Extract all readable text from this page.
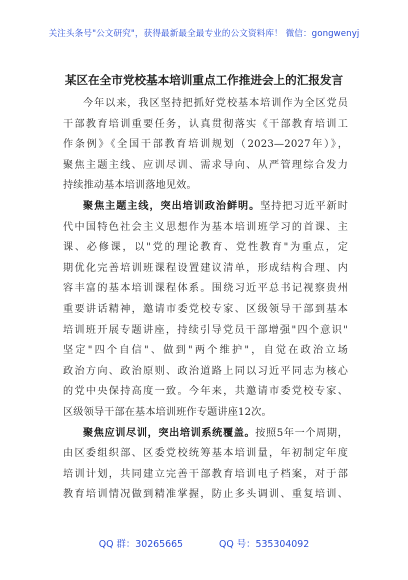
关注头条号"公文研究"，获得最新最全最专业的公文资料库！ 微信：gongwenyj
某区在全市党校基本培训重点工作推进会上的汇报发言
今年以来，我区坚持把抓好党校基本培训作为全区党员
干部教育培训重要任务，认真贯彻落实《干部教育培训工
作条例》《全国干部教育培训规划（2023—2027年）》，
聚焦主题主线、应训尽训、需求导向、从严管理综合发力
持续推动基本培训落地见效。
聚焦主题主线，突出培训政治鲜明。坚持把习近平新时
代中国特色社会主义思想作为基本培训班学习的首课、主
课、必修课，以"党的理论教育、党性教育"为重点，定
期优化完善培训班课程设置建议清单，形成结构合理、内
容丰富的基本培训课程体系。围绕习近平总书记视察贵州
重要讲话精神，邀请市委党校专家、区级领导干部到基本
培训班开展专题讲座，持续引导党员干部增强"四个意识"
坚定"四个自信"、做到"两个维护"，自觉在政治立场
政治方向、政治原则、政治道路上同以习近平同志为核心
的党中央保持高度一致。今年来，共邀请市委党校专家、
区级领导干部在基本培训班作专题讲座12次。
聚焦应训尽训，突出培训系统覆盖。按照5年一个周期，
由区委组织部、区委党校统筹基本培训量，年初制定年度
培训计划，共同建立完善干部教育培训电子档案，对于部
教育培训情况做到精准掌握，防止多头调训、重复培训、
QQ 群：30265665	QQ 号：535304092
